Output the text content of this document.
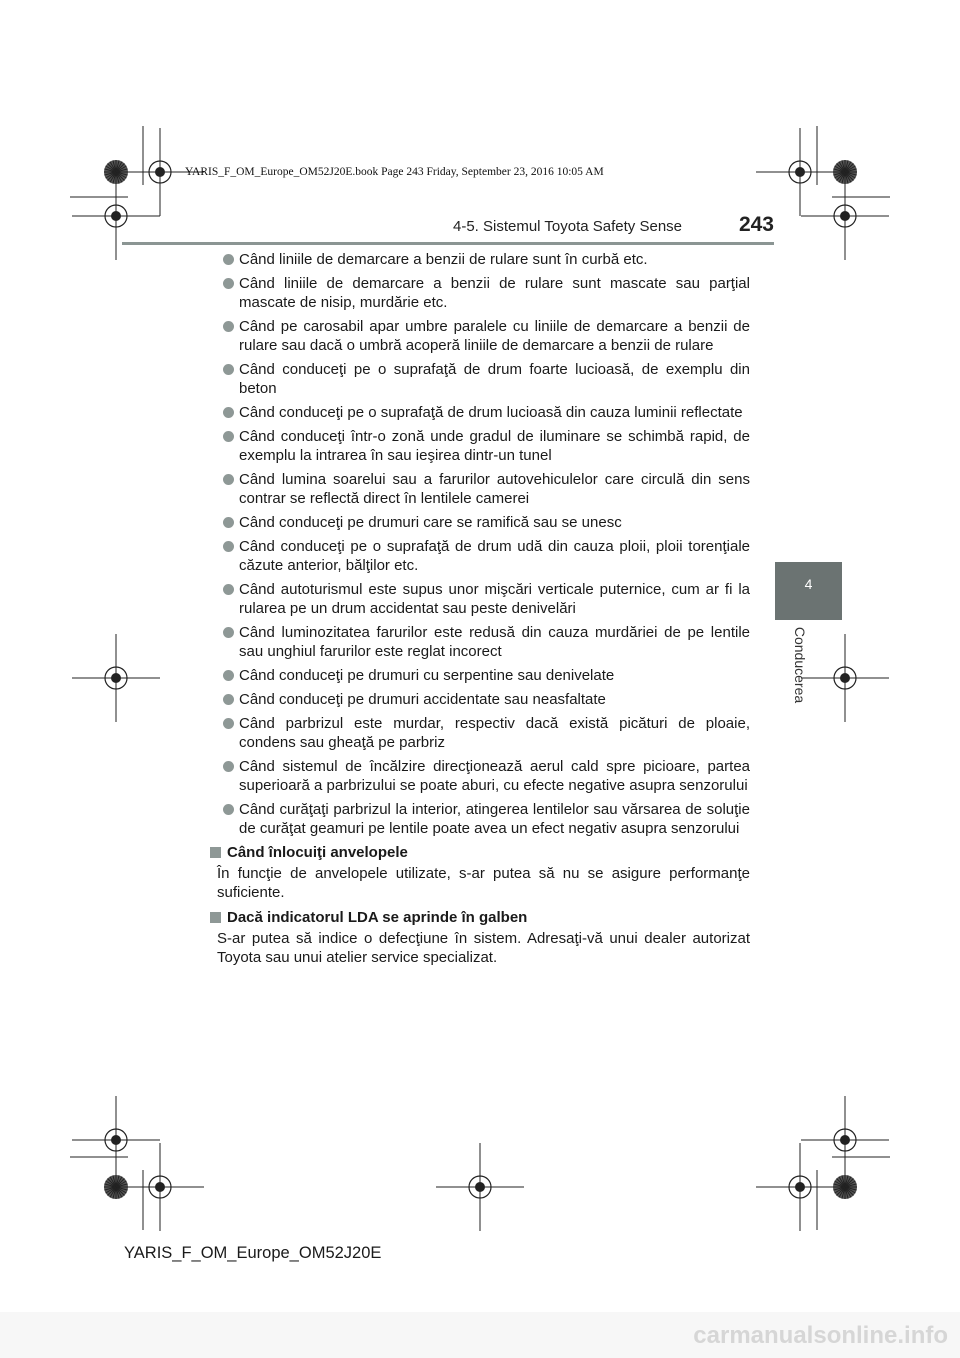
YARIS_F_OM_Europe_OM52J20E.book Page 243 Friday, September 23, 2016 10:05 AM
4-5. Sistemul Toyota Safety Sense	243
4
Conducerea
Când liniile de demarcare a benzii de rulare sunt în curbă etc.
Când liniile de demarcare a benzii de rulare sunt mascate sau parţial mascate de nisip, murdărie etc.
Când pe carosabil apar umbre paralele cu liniile de demarcare a benzii de rulare sau dacă o umbră acoperă liniile de demarcare a benzii de rulare
Când conduceţi pe o suprafaţă de drum foarte lucioasă, de exemplu din beton
Când conduceţi pe o suprafaţă de drum lucioasă din cauza luminii reflectate
Când conduceţi într-o zonă unde gradul de iluminare se schimbă rapid, de exemplu la intrarea în sau ieşirea dintr-un tunel
Când lumina soarelui sau a farurilor autovehiculelor care circulă din sens contrar se reflectă direct în lentilele camerei
Când conduceţi pe drumuri care se ramifică sau se unesc
Când conduceţi pe o suprafaţă de drum udă din cauza ploii, ploii torenţiale căzute anterior, bălţilor etc.
Când autoturismul este supus unor mişcări verticale puternice, cum ar fi la rularea pe un drum accidentat sau peste denivelări
Când luminozitatea farurilor este redusă din cauza murdăriei de pe lentile sau unghiul farurilor este reglat incorect
Când conduceţi pe drumuri cu serpentine sau denivelate
Când conduceţi pe drumuri accidentate sau neasfaltate
Când parbrizul este murdar, respectiv dacă există picături de ploaie, condens sau gheaţă pe parbriz
Când sistemul de încălzire direcţionează aerul cald spre picioare, partea superioară a parbrizului se poate aburi, cu efecte negative asupra senzorului
Când curăţaţi parbrizul la interior, atingerea lentilelor sau vărsarea de soluţie de curăţat geamuri pe lentile poate avea un efect negativ asupra senzorului
Când înlocuiţi anvelopele
În funcţie de anvelopele utilizate, s-ar putea să nu se asigure performanţe suficiente.
Dacă indicatorul LDA se aprinde în galben
S-ar putea să indice o defecţiune în sistem. Adresaţi-vă unui dealer autorizat Toyota sau unui atelier service specializat.
YARIS_F_OM_Europe_OM52J20E
carmanualsonline.info
